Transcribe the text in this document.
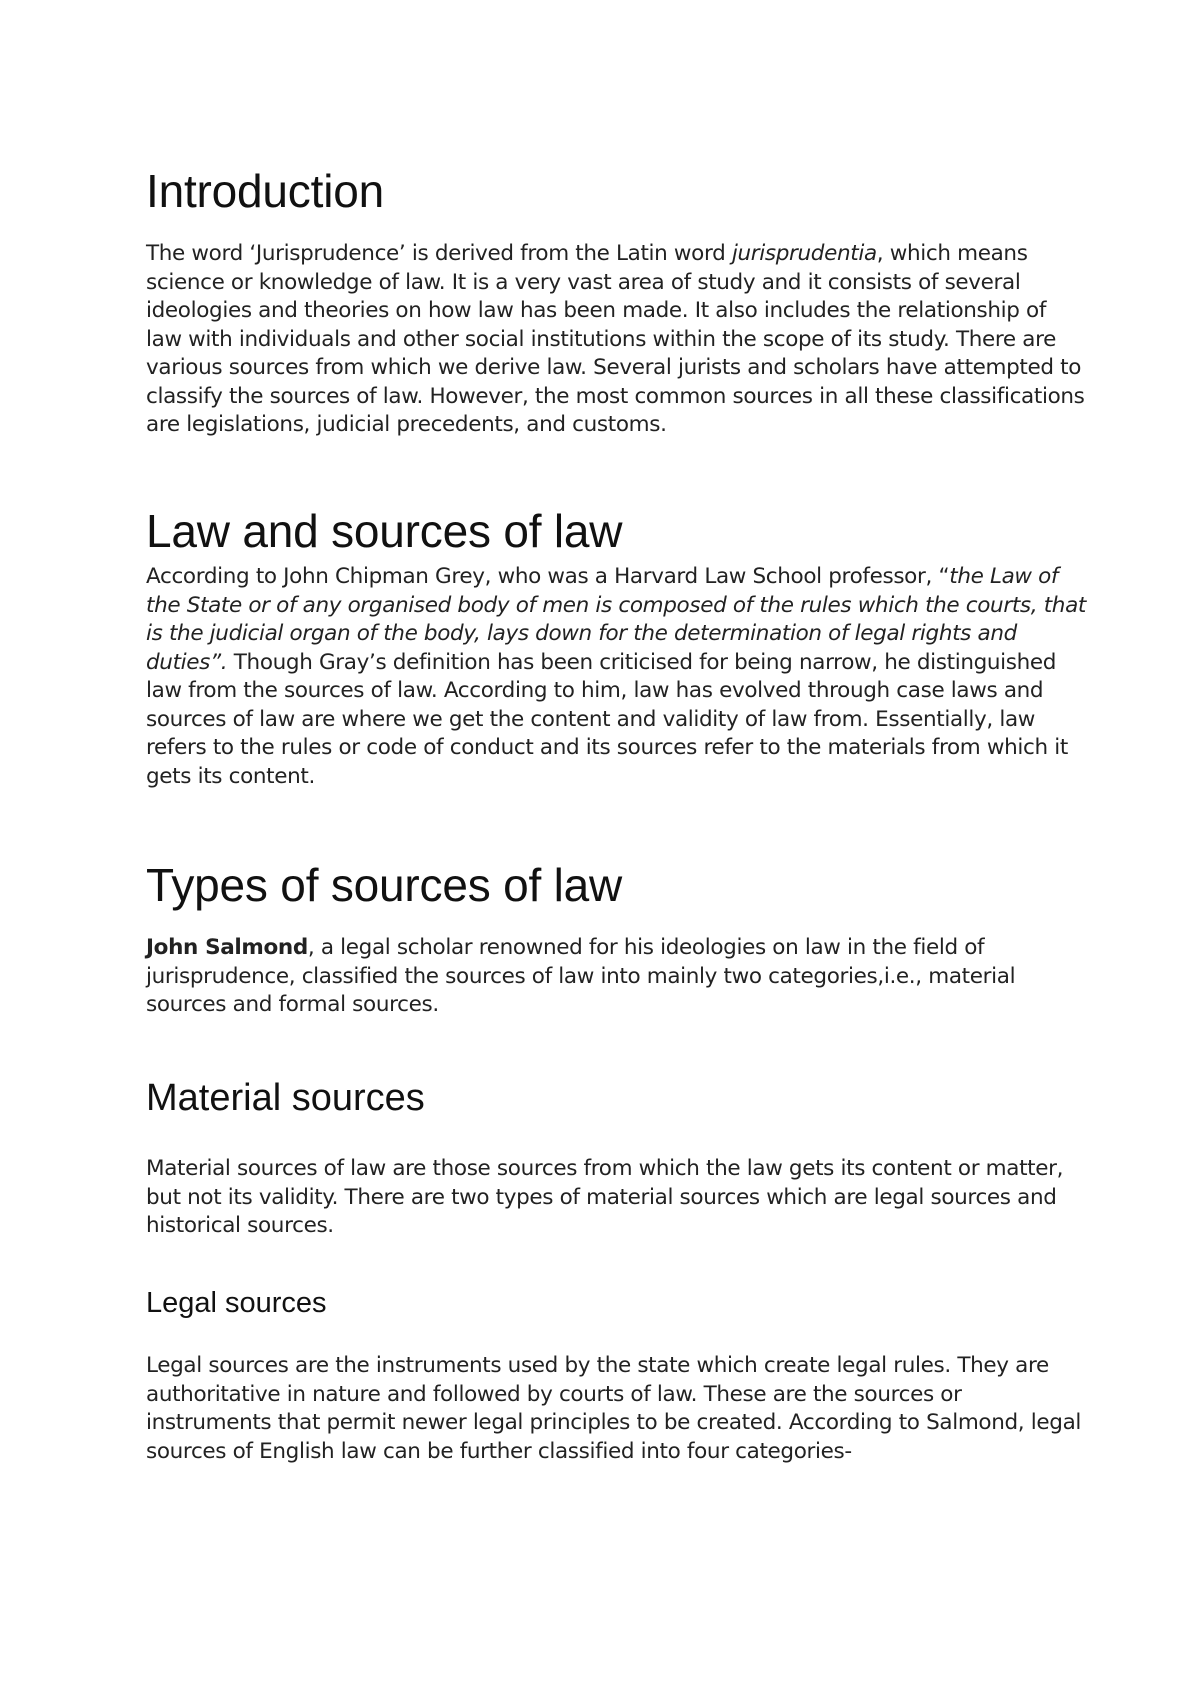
Introduction

The word ‘Jurisprudence’ is derived from the Latin word jurisprudentia, which means science or knowledge of law. It is a very vast area of study and it consists of several ideologies and theories on how law has been made. It also includes the relationship of law with individuals and other social institutions within the scope of its study. There are various sources from which we derive law. Several jurists and scholars have attempted to classify the sources of law. However, the most common sources in all these classifications are legislations, judicial precedents, and customs.

Law and sources of law

According to John Chipman Grey, who was a Harvard Law School professor, “the Law of the State or of any organised body of men is composed of the rules which the courts, that is the judicial organ of the body, lays down for the determination of legal rights and duties”. Though Gray’s definition has been criticised for being narrow, he distinguished law from the sources of law. According to him, law has evolved through case laws and sources of law are where we get the content and validity of law from. Essentially, law refers to the rules or code of conduct and its sources refer to the materials from which it gets its content.

Types of sources of law

John Salmond, a legal scholar renowned for his ideologies on law in the field of jurisprudence, classified the sources of law into mainly two categories,i.e., material sources and formal sources.

Material sources

Material sources of law are those sources from which the law gets its content or matter, but not its validity. There are two types of material sources which are legal sources and historical sources.

Legal sources

Legal sources are the instruments used by the state which create legal rules. They are authoritative in nature and followed by courts of law. These are the sources or instruments that permit newer legal principles to be created. According to Salmond, legal sources of English law can be further classified into four categories-
